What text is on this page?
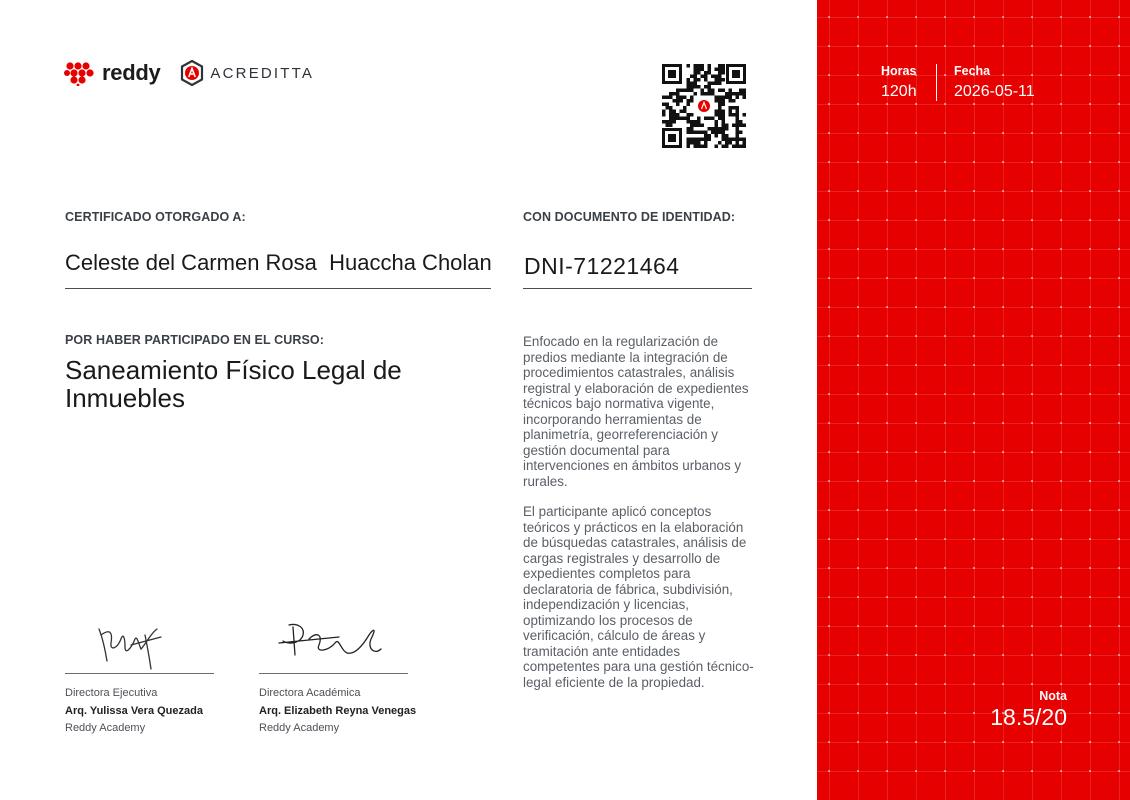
reddy	ACREDITTA
CERTIFICADO OTORGADO A:
Celeste del Carmen Rosa  Huaccha Cholan
CON DOCUMENTO DE IDENTIDAD:
DNI-71221464
POR HABER PARTICIPADO EN EL CURSO:
Saneamiento Físico Legal de Inmuebles
Enfocado en la regularización de predios mediante la integración de procedimientos catastrales, análisis registral y elaboración de expedientes técnicos bajo normativa vigente, incorporando herramientas de planimetría, georreferenciación y gestión documental para intervenciones en ámbitos urbanos y rurales.
El participante aplicó conceptos teóricos y prácticos en la elaboración de búsquedas catastrales, análisis de cargas registrales y desarrollo de expedientes completos para declaratoria de fábrica, subdivisión, independización y licencias, optimizando los procesos de verificación, cálculo de áreas y tramitación ante entidades competentes para una gestión técnico-legal eficiente de la propiedad.
Directora Ejecutiva
Arq. Yulissa Vera Quezada
Reddy Academy
Directora Académica
Arq. Elizabeth Reyna Venegas
Reddy Academy
Horas
120h
Fecha
2026-05-11
Nota
18.5/20
